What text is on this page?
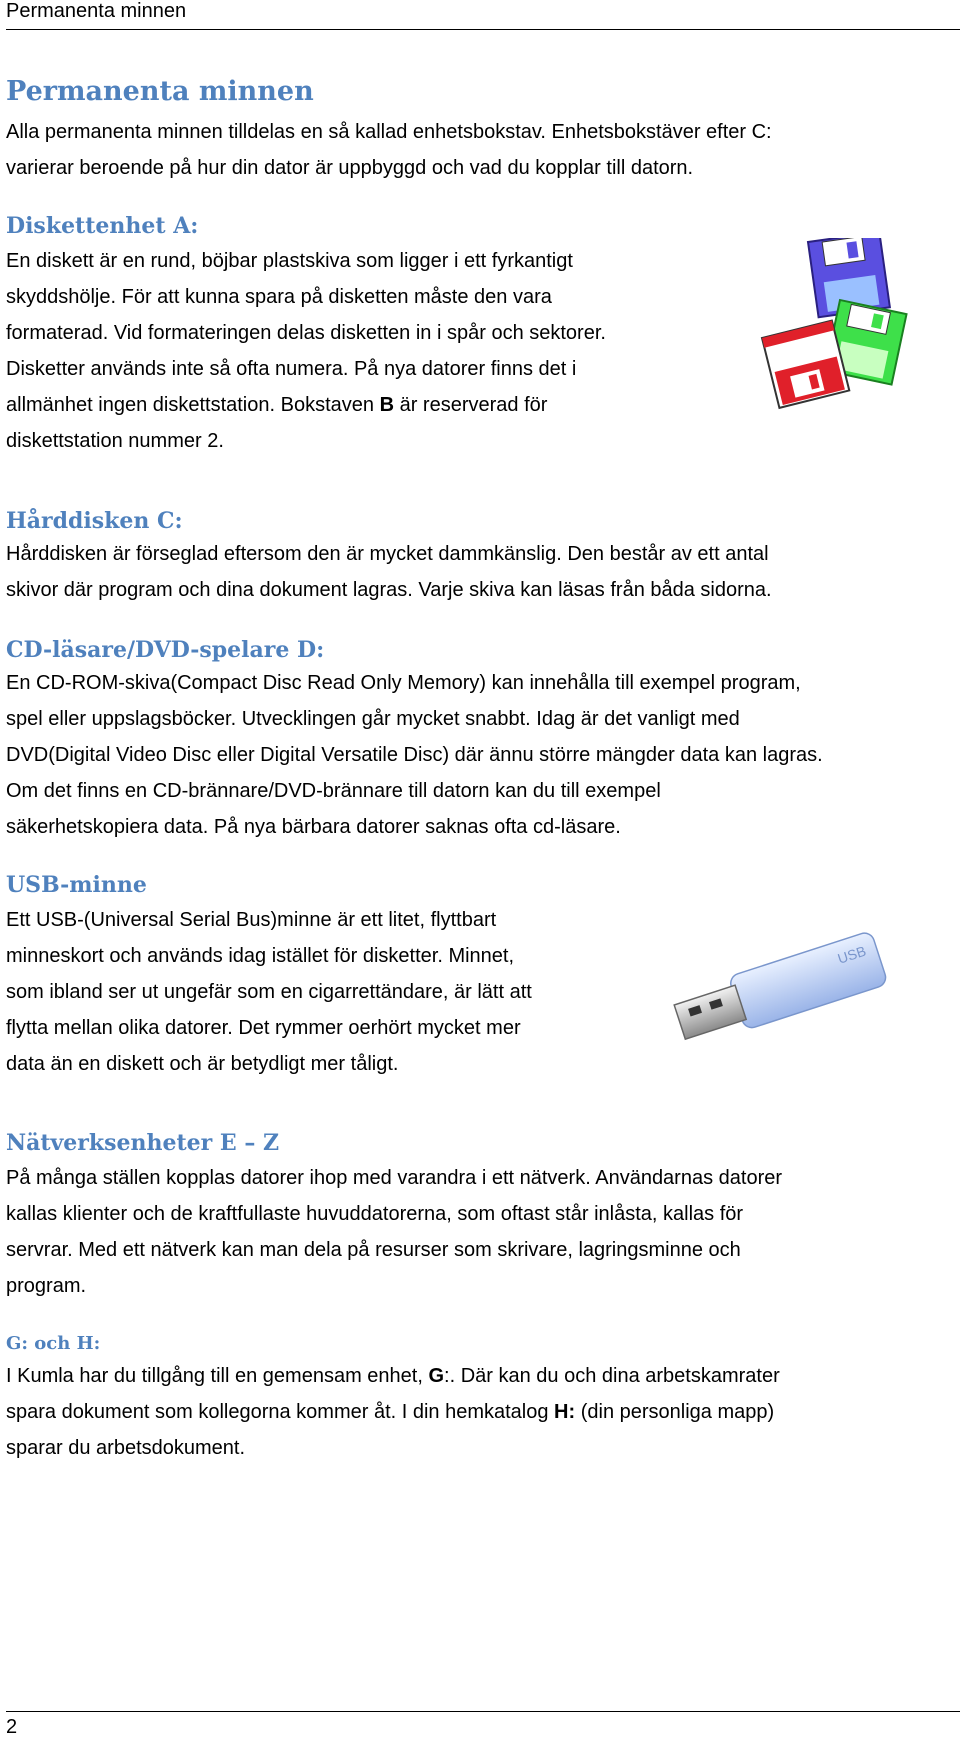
Permanenta minnen
Permanenta minnen

Alla permanenta minnen tilldelas en så kallad enhetsbokstav. Enhetsbokstäver efter C:

varierar beroende på hur din dator är uppbyggd och vad du kopplar till datorn.

Diskettenhet A:

En diskett är en rund, böjbar plastskiva som ligger i ett fyrkantigt

skyddshölje. För att kunna spara på disketten måste den vara

formaterad. Vid formateringen delas disketten in i spår och sektorer.

Disketter används inte så ofta numera. På nya datorer finns det i

allmänhet ingen diskettstation. Bokstaven B är reserverad för

diskettstation nummer 2.

Hårddisken C:

Hårddisken är förseglad eftersom den är mycket dammkänslig. Den består av ett antal

skivor där program och dina dokument lagras. Varje skiva kan läsas från båda sidorna.

CD-läsare/DVD-spelare D:

En CD-ROM-skiva(Compact Disc Read Only Memory) kan innehålla till exempel program,

spel eller uppslagsböcker. Utvecklingen går mycket snabbt. Idag är det vanligt med

DVD(Digital Video Disc eller Digital Versatile Disc) där ännu större mängder data kan lagras.

Om det finns en CD-brännare/DVD-brännare till datorn kan du till exempel

säkerhetskopiera data. På nya bärbara datorer saknas ofta cd-läsare.

USB-minne

Ett USB-(Universal Serial Bus)minne är ett litet, flyttbart

minneskort och används idag istället för disketter. Minnet,

som ibland ser ut ungefär som en cigarrettändare, är lätt att

flytta mellan olika datorer. Det rymmer oerhört mycket mer

data än en diskett och är betydligt mer tåligt.

USB
Nätverksenheter E – Z

På många ställen kopplas datorer ihop med varandra i ett nätverk. Användarnas datorer

kallas klienter och de kraftfullaste huvuddatorerna, som oftast står inlåsta, kallas för

servrar. Med ett nätverk kan man dela på resurser som skrivare, lagringsminne och

program.

G: och H:

I Kumla har du tillgång till en gemensam enhet, G:. Där kan du och dina arbetskamrater

spara dokument som kollegorna kommer åt. I din hemkatalog H: (din personliga mapp)

sparar du arbetsdokument.

2
